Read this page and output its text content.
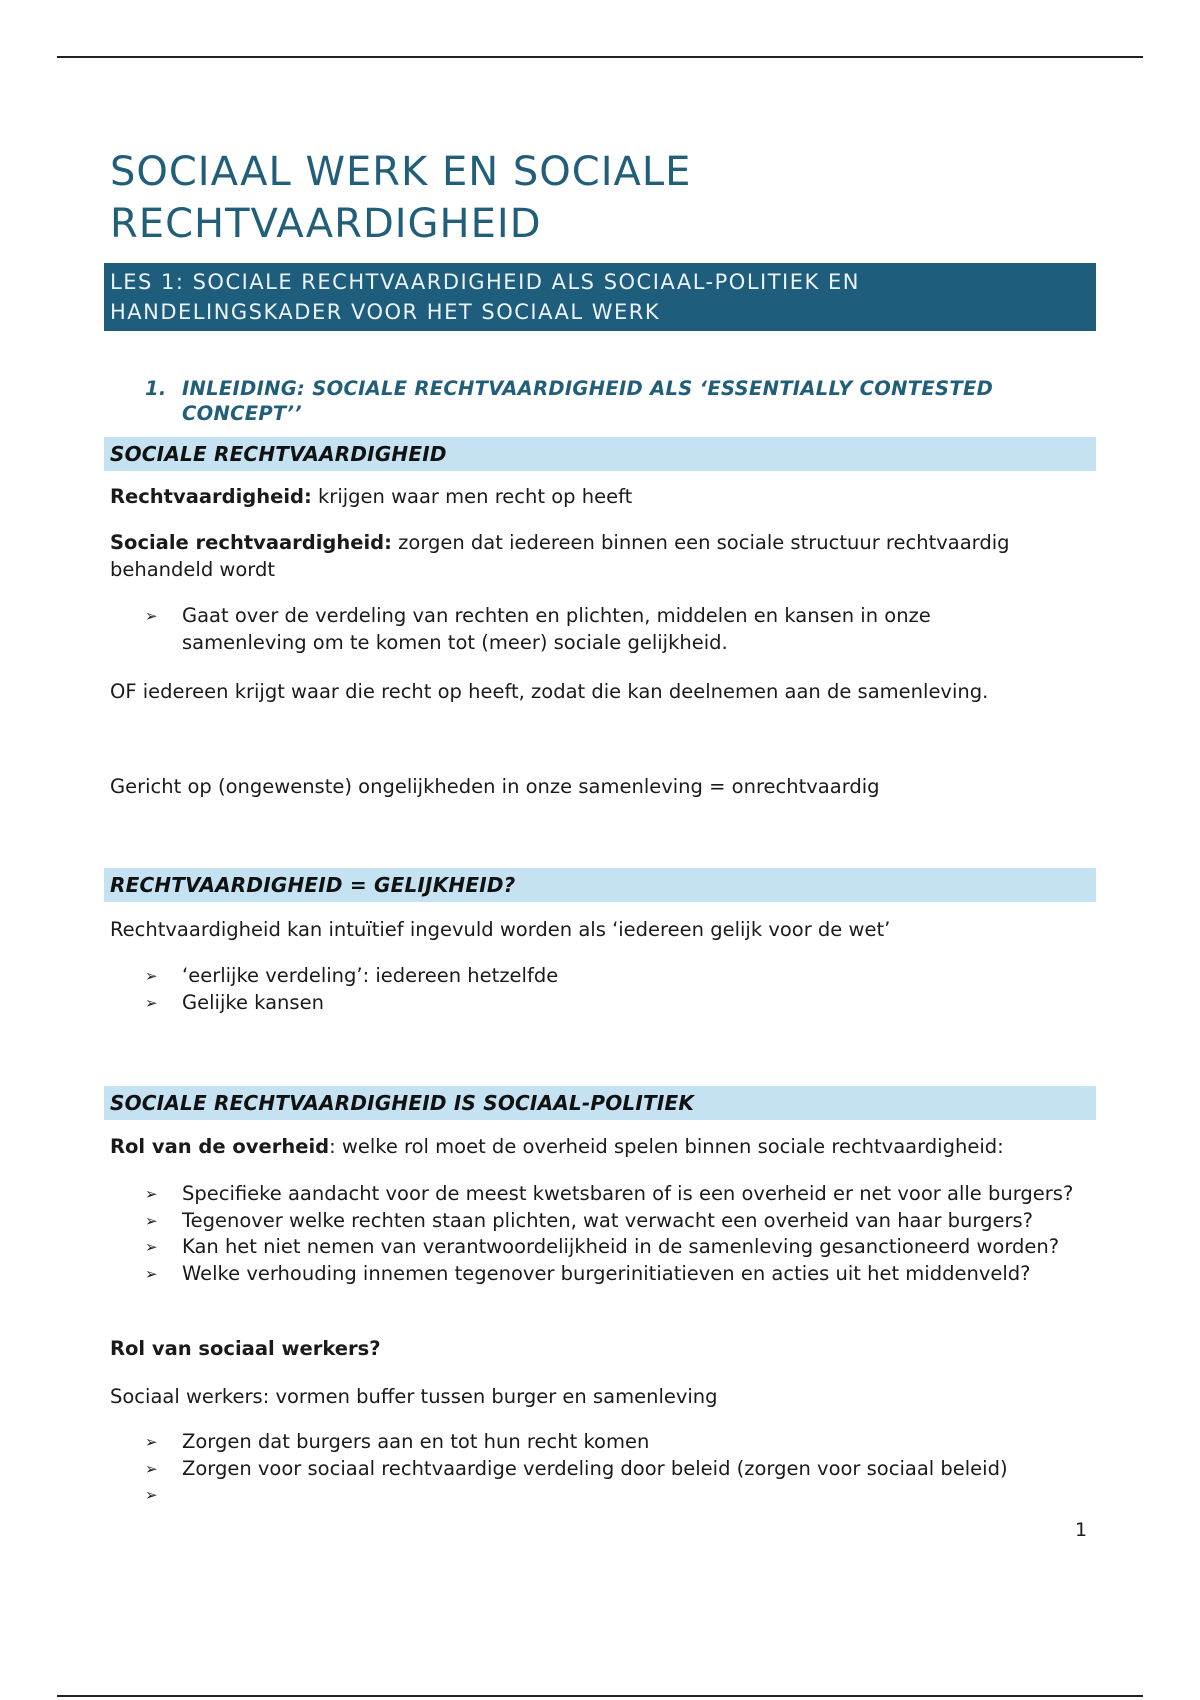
SOCIAAL WERK EN SOCIALE RECHTVAARDIGHEID
LES 1: SOCIALE RECHTVAARDIGHEID ALS SOCIAAL-POLITIEK EN HANDELINGSKADER VOOR HET SOCIAAL WERK
1. INLEIDING: SOCIALE RECHTVAARDIGHEID ALS ‘ESSENTIALLY CONTESTED CONCEPT’’
SOCIALE RECHTVAARDIGHEID

Rechtvaardigheid: krijgen waar men recht op heeft

Sociale rechtvaardigheid: zorgen dat iedereen binnen een sociale structuur rechtvaardig behandeld wordt

➢ Gaat over de verdeling van rechten en plichten, middelen en kansen in onze samenleving om te komen tot (meer) sociale gelijkheid.

OF iedereen krijgt waar die recht op heeft, zodat die kan deelnemen aan de samenleving.

Gericht op (ongewenste) ongelijkheden in onze samenleving = onrechtvaardig

RECHTVAARDIGHEID = GELIJKHEID?

Rechtvaardigheid kan intuïtief ingevuld worden als ‘iedereen gelijk voor de wet’

➢ ‘eerlijke verdeling’: iedereen hetzelfde
➢ Gelijke kansen
SOCIALE RECHTVAARDIGHEID IS SOCIAAL-POLITIEK

Rol van de overheid: welke rol moet de overheid spelen binnen sociale rechtvaardigheid:

➢ Specifieke aandacht voor de meest kwetsbaren of is een overheid er net voor alle burgers?
➢ Tegenover welke rechten staan plichten, wat verwacht een overheid van haar burgers?
➢ Kan het niet nemen van verantwoordelijkheid in de samenleving gesanctioneerd worden?
➢ Welke verhouding innemen tegenover burgerinitiatieven en acties uit het middenveld?

Rol van sociaal werkers?

Sociaal werkers: vormen buffer tussen burger en samenleving

➢ Zorgen dat burgers aan en tot hun recht komen
➢ Zorgen voor sociaal rechtvaardige verdeling door beleid (zorgen voor sociaal beleid)
➢
1
